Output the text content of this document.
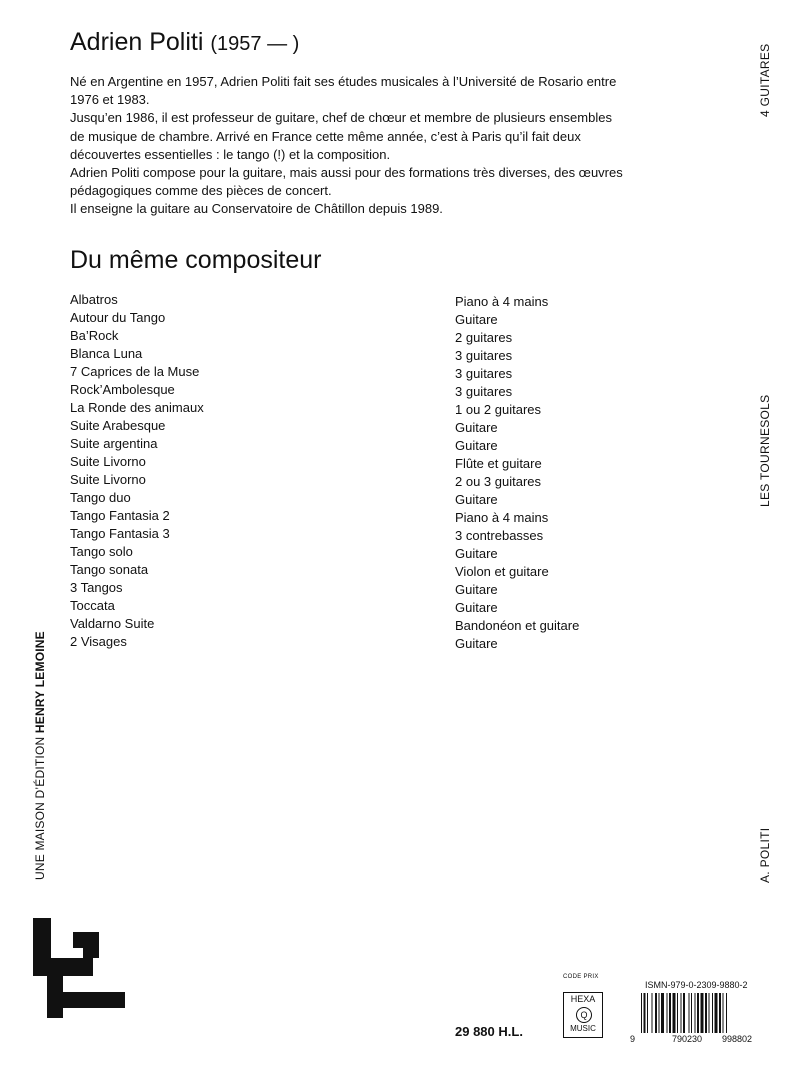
Adrien Politi (1957 — )

Né en Argentine en 1957, Adrien Politi fait ses études musicales à l’Université de Rosario entre 1976 et 1983.

Jusqu’en 1986, il est professeur de guitare, chef de chœur et membre de plusieurs ensembles de musique de chambre. Arrivé en France cette même année, c’est à Paris qu’il fait deux découvertes essentielles : le tango (!) et la composition.

Adrien Politi compose pour la guitare, mais aussi pour des formations très diverses, des œuvres pédagogiques comme des pièces de concert.

Il enseigne la guitare au Conservatoire de Châtillon depuis 1989.

Du même compositeur
Albatros	Piano à 4 mains
Autour du Tango	Guitare
Ba’Rock	2 guitares
Blanca Luna	3 guitares
7 Caprices de la Muse	3 guitares
Rock’Ambolesque	3 guitares
La Ronde des animaux	1 ou 2 guitares
Suite Arabesque	Guitare
Suite argentina	Guitare
Suite Livorno	Flûte et guitare
Suite Livorno	2 ou 3 guitares
Tango duo	Guitare
Tango Fantasia 2	Piano à 4 mains
Tango Fantasia 3	3 contrebasses
Tango solo	Guitare
Tango sonata	Violon et guitare
3 Tangos	Guitare
Toccata	Guitare
Valdarno Suite	Bandonéon et guitare
2 Visages	Guitare
4 GUITARES
LES TOURNESOLS
A. POLITI
UNE MAISON D’ÉDITION HENRY LEMOINE
29 880 H.L.
CODE PRIX
HEXA
Q
MUSIC
ISMN-979-0-2309-9880-2
9	790230 998802
